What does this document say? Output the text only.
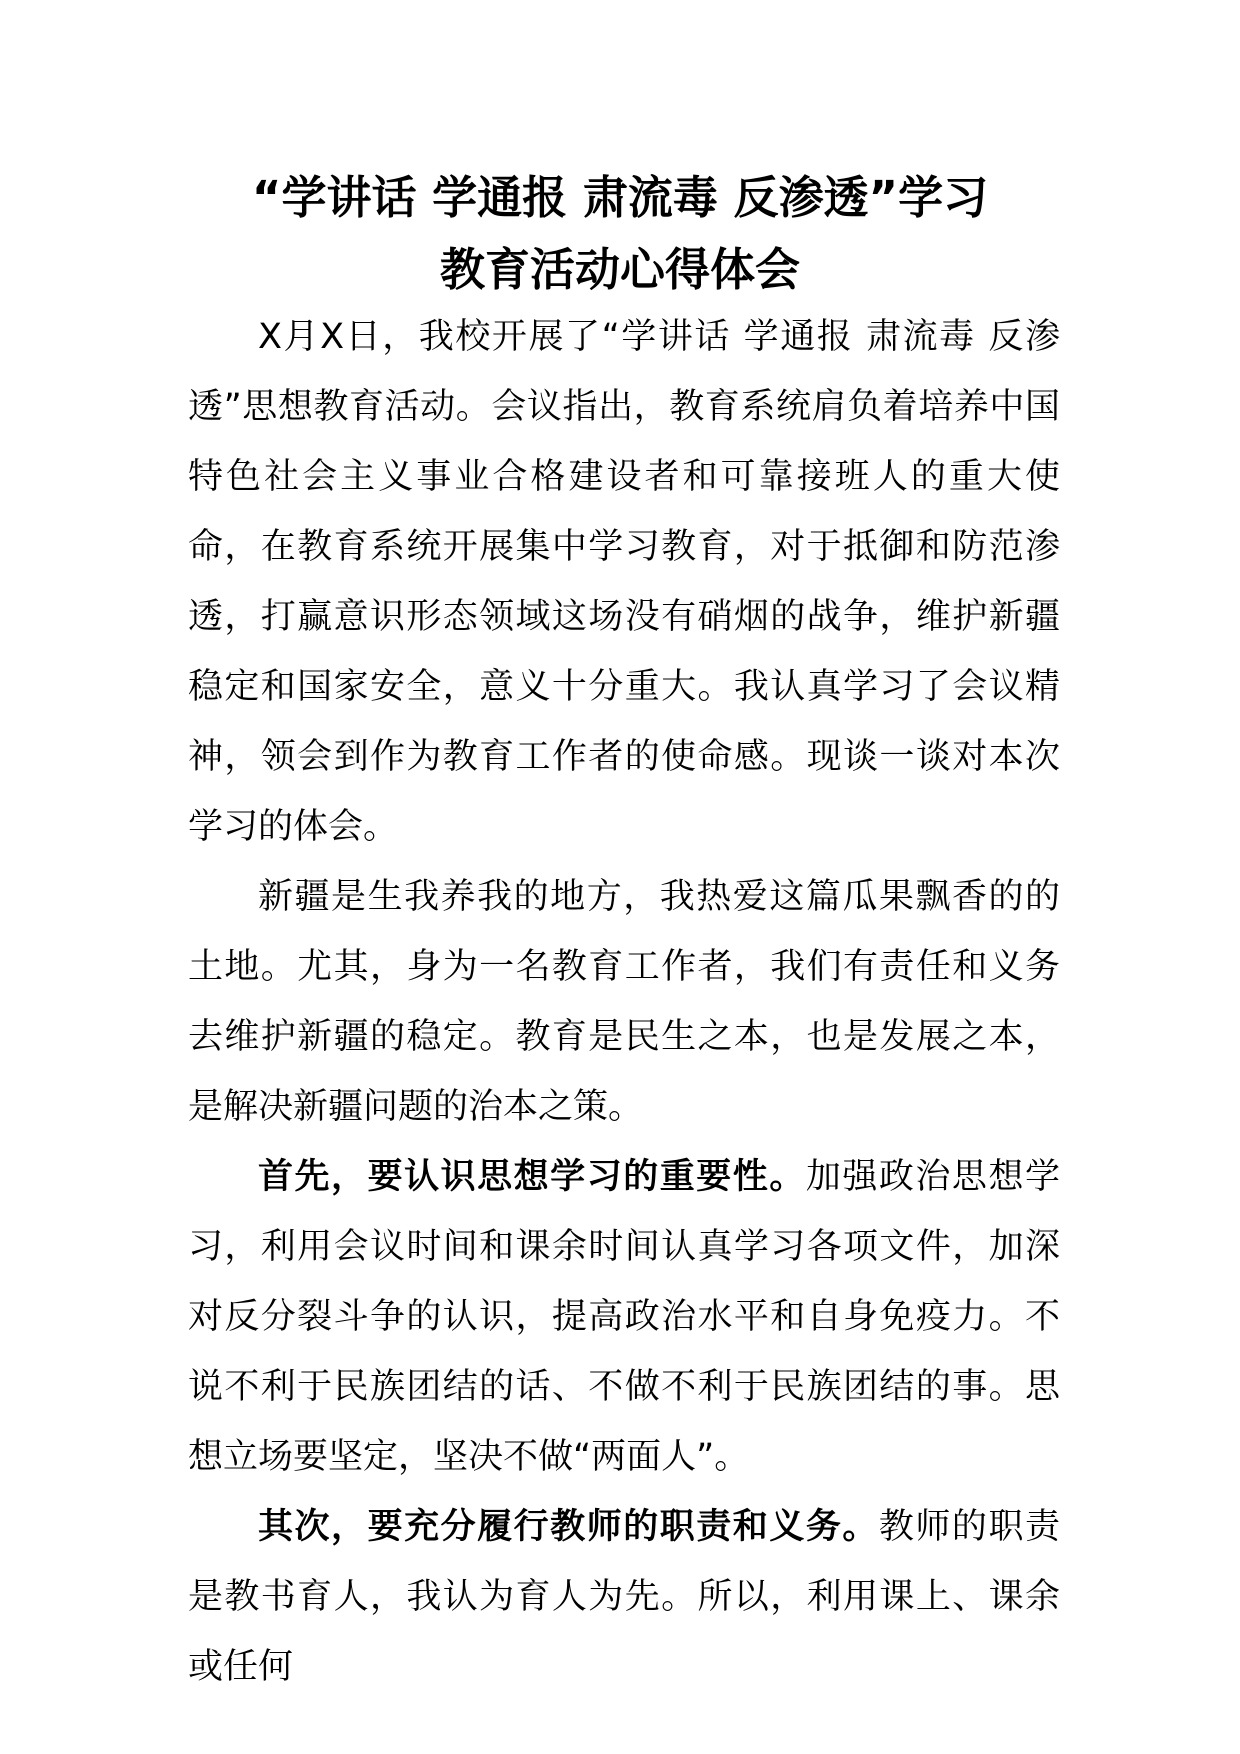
“学讲话 学通报 肃流毒 反渗透”学习
教育活动心得体会

X月X日，我校开展了“学讲话 学通报 肃流毒 反渗透”思想教育活动。会议指出，教育系统肩负着培养中国特色社会主义事业合格建设者和可靠接班人的重大使命，在教育系统开展集中学习教育，对于抵御和防范渗透，打赢意识形态领域这场没有硝烟的战争，维护新疆稳定和国家安全，意义十分重大。我认真学习了会议精神，领会到作为教育工作者的使命感。现谈一谈对本次学习的体会。

新疆是生我养我的地方，我热爱这篇瓜果飘香的的土地。尤其，身为一名教育工作者，我们有责任和义务去维护新疆的稳定。教育是民生之本，也是发展之本，是解决新疆问题的治本之策。

首先，要认识思想学习的重要性。加强政治思想学习，利用会议时间和课余时间认真学习各项文件，加深对反分裂斗争的认识，提高政治水平和自身免疫力。不说不利于民族团结的话、不做不利于民族团结的事。思想立场要坚定，坚决不做“两面人”。

其次，要充分履行教师的职责和义务。教师的职责是教书育人，我认为育人为先。所以，利用课上、课余或任何
